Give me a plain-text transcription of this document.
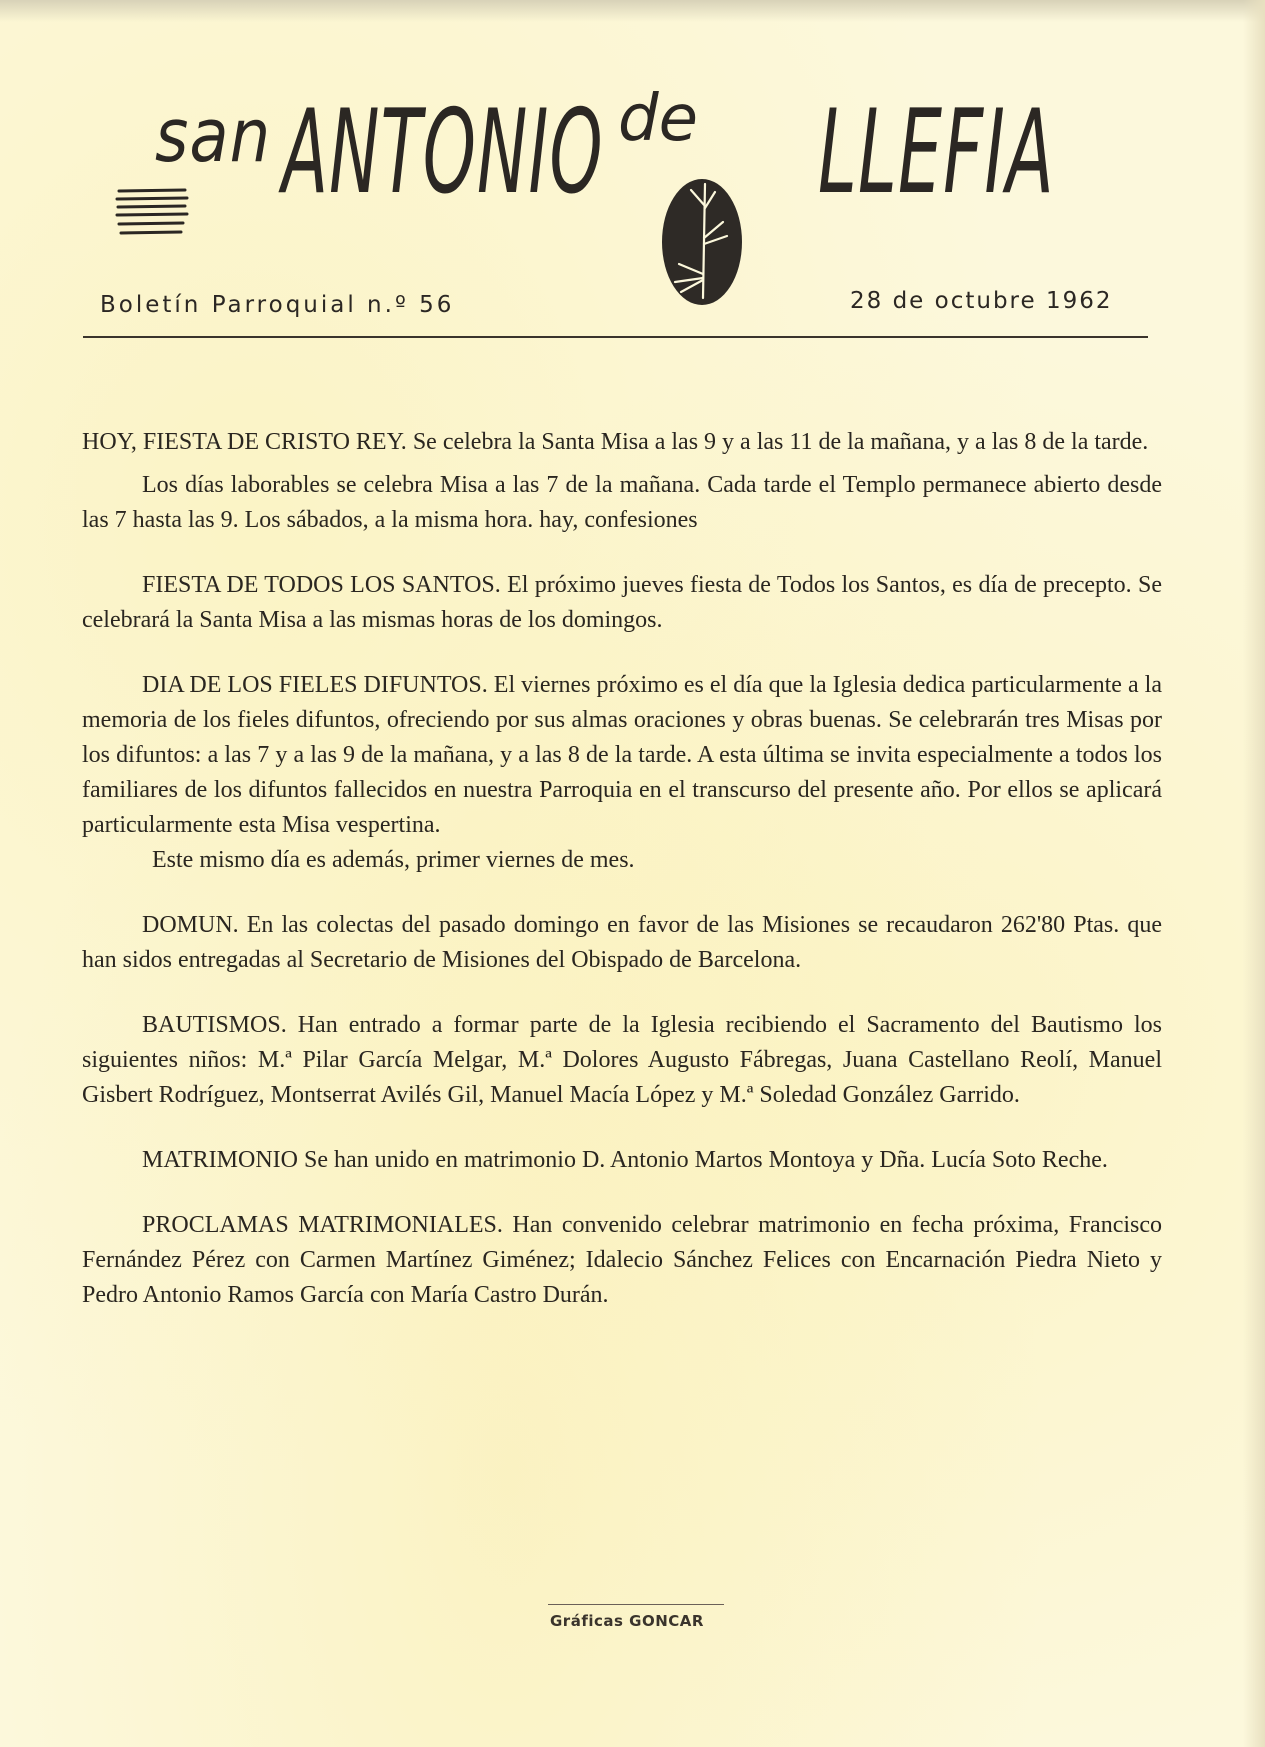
san ANTONIO de LLEFIA
Boletín Parroquial n.º 56	28 de octubre 1962

HOY, FIESTA DE CRISTO REY. Se celebra la Santa Misa a las 9 y a las 11 de la mañana, y a las 8 de la tarde.

Los días laborables se celebra Misa a las 7 de la mañana. Cada tarde el Templo permanece abierto desde las 7 hasta las 9. Los sábados, a la misma hora. hay, confesiones

FIESTA DE TODOS LOS SANTOS. El próximo jueves fiesta de Todos los Santos, es día de precepto. Se celebrará la Santa Misa a las mismas horas de los domingos.

DIA DE LOS FIELES DIFUNTOS. El viernes próximo es el día que la Iglesia dedica particularmente a la memoria de los fieles difuntos, ofreciendo por sus almas oraciones y obras buenas. Se celebrarán tres Misas por los difuntos: a las 7 y a las 9 de la mañana, y a las 8 de la tarde. A esta última se invita especialmente a todos los familiares de los difuntos fallecidos en nuestra Parroquia en el transcurso del presente año. Por ellos se aplicará particularmente esta Misa vespertina.

Este mismo día es además, primer viernes de mes.

DOMUN. En las colectas del pasado domingo en favor de las Misiones se recaudaron 262'80 Ptas. que han sidos entregadas al Secretario de Misiones del Obispado de Barcelona.

BAUTISMOS. Han entrado a formar parte de la Iglesia recibiendo el Sacramento del Bautismo los siguientes niños: M.ª Pilar García Melgar, M.ª Dolores Augusto Fábregas, Juana Castellano Reolí, Manuel Gisbert Rodríguez, Montserrat Avilés Gil, Manuel Macía López y M.ª Soledad González Garrido.

MATRIMONIO Se han unido en matrimonio D. Antonio Martos Montoya y Dña. Lucía Soto Reche.

PROCLAMAS MATRIMONIALES. Han convenido celebrar matrimonio en fecha próxima, Francisco Fernández Pérez con Carmen Martínez Giménez; Idalecio Sánchez Felices con Encarnación Piedra Nieto y Pedro Antonio Ramos García con María Castro Durán.

Gráficas GONCAR
